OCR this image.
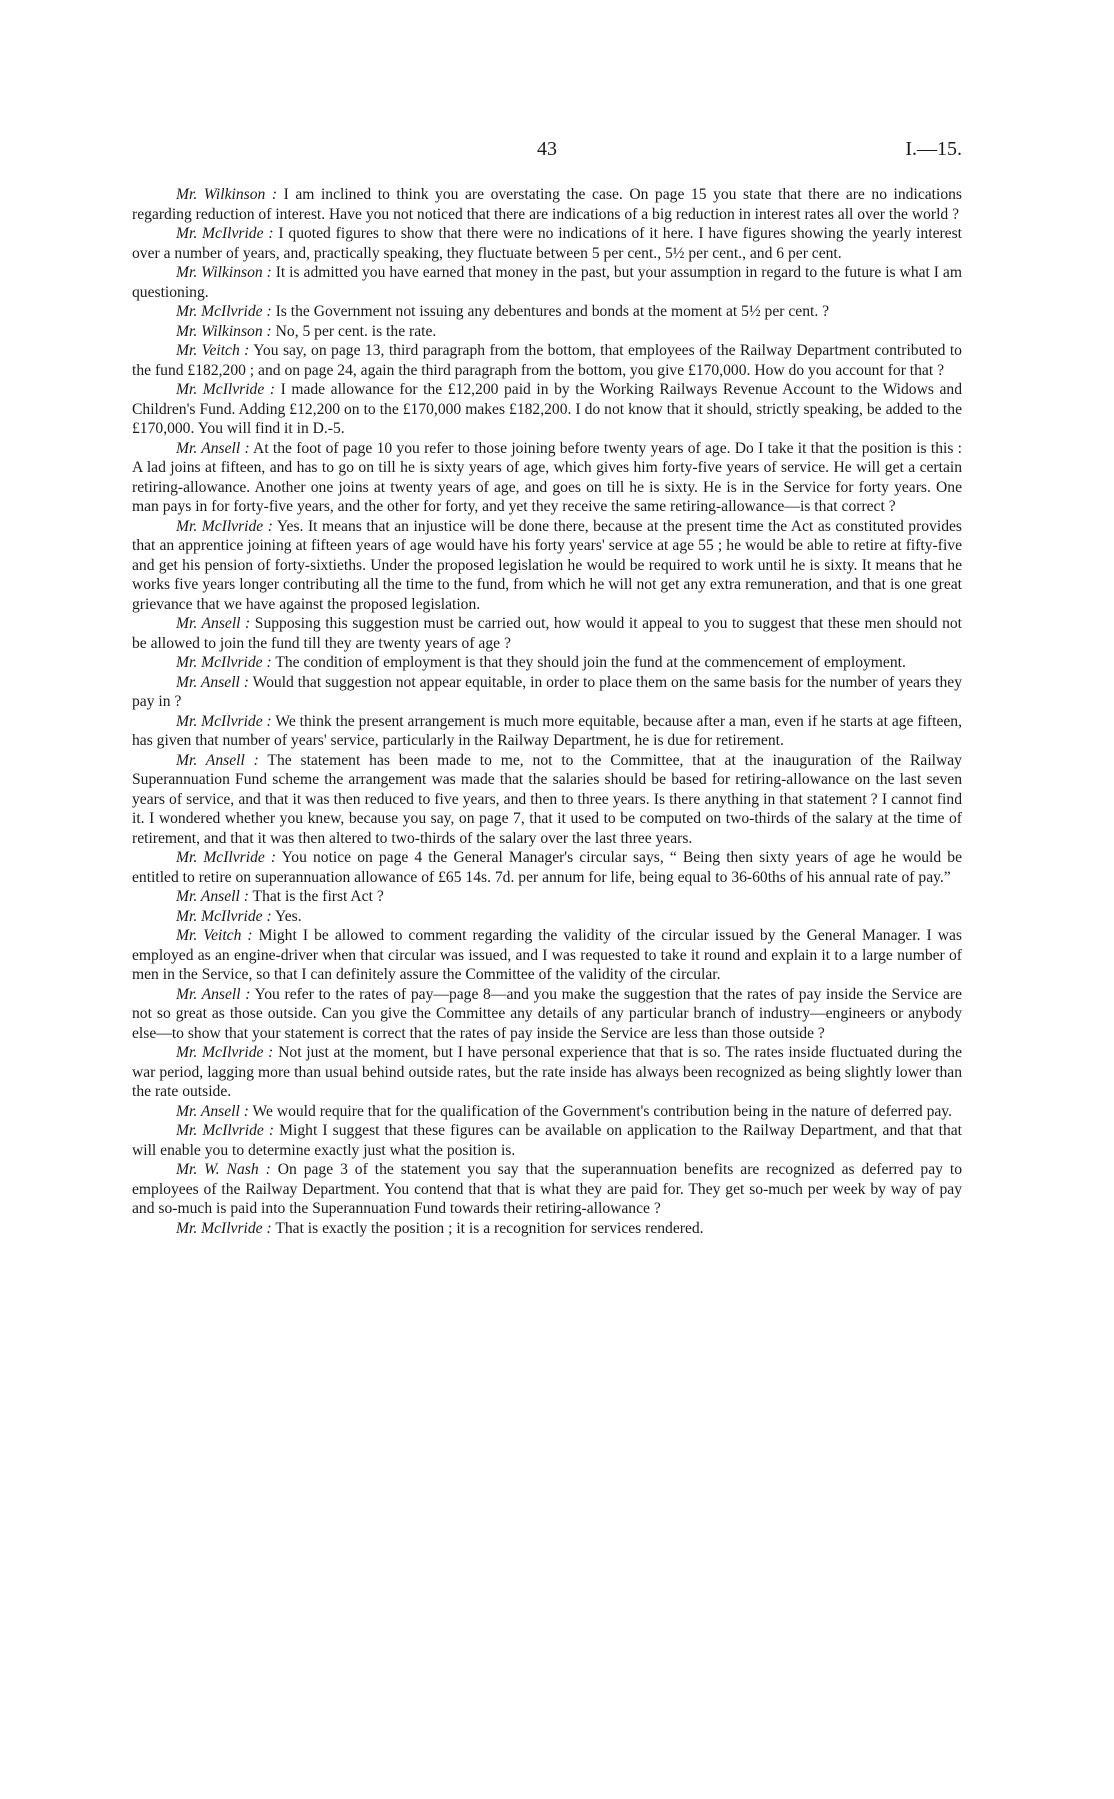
43	I.—15.

Mr. Wilkinson : I am inclined to think you are overstating the case. On page 15 you state that there are no indications regarding reduction of interest. Have you not noticed that there are indications of a big reduction in interest rates all over the world ?

Mr. McIlvride : I quoted figures to show that there were no indications of it here. I have figures showing the yearly interest over a number of years, and, practically speaking, they fluctuate between 5 per cent., 5½ per cent., and 6 per cent.

Mr. Wilkinson : It is admitted you have earned that money in the past, but your assumption in regard to the future is what I am questioning.

Mr. McIlvride : Is the Government not issuing any debentures and bonds at the moment at 5½ per cent. ?

Mr. Wilkinson : No, 5 per cent. is the rate.

Mr. Veitch : You say, on page 13, third paragraph from the bottom, that employees of the Railway Department contributed to the fund £182,200 ; and on page 24, again the third paragraph from the bottom, you give £170,000. How do you account for that ?

Mr. McIlvride : I made allowance for the £12,200 paid in by the Working Railways Revenue Account to the Widows and Children's Fund. Adding £12,200 on to the £170,000 makes £182,200. I do not know that it should, strictly speaking, be added to the £170,000. You will find it in D.-5.

Mr. Ansell : At the foot of page 10 you refer to those joining before twenty years of age. Do I take it that the position is this : A lad joins at fifteen, and has to go on till he is sixty years of age, which gives him forty-five years of service. He will get a certain retiring-allowance. Another one joins at twenty years of age, and goes on till he is sixty. He is in the Service for forty years. One man pays in for forty-five years, and the other for forty, and yet they receive the same retiring-allowance—is that correct ?

Mr. McIlvride : Yes. It means that an injustice will be done there, because at the present time the Act as constituted provides that an apprentice joining at fifteen years of age would have his forty years' service at age 55 ; he would be able to retire at fifty-five and get his pension of forty-sixtieths. Under the proposed legislation he would be required to work until he is sixty. It means that he works five years longer contributing all the time to the fund, from which he will not get any extra remuneration, and that is one great grievance that we have against the proposed legislation.

Mr. Ansell : Supposing this suggestion must be carried out, how would it appeal to you to suggest that these men should not be allowed to join the fund till they are twenty years of age ?

Mr. McIlvride : The condition of employment is that they should join the fund at the commencement of employment.

Mr. Ansell : Would that suggestion not appear equitable, in order to place them on the same basis for the number of years they pay in ?

Mr. McIlvride : We think the present arrangement is much more equitable, because after a man, even if he starts at age fifteen, has given that number of years' service, particularly in the Railway Department, he is due for retirement.

Mr. Ansell : The statement has been made to me, not to the Committee, that at the inauguration of the Railway Superannuation Fund scheme the arrangement was made that the salaries should be based for retiring-allowance on the last seven years of service, and that it was then reduced to five years, and then to three years. Is there anything in that statement ? I cannot find it. I wondered whether you knew, because you say, on page 7, that it used to be computed on two-thirds of the salary at the time of retirement, and that it was then altered to two-thirds of the salary over the last three years.

Mr. McIlvride : You notice on page 4 the General Manager's circular says, “ Being then sixty years of age he would be entitled to retire on superannuation allowance of £65 14s. 7d. per annum for life, being equal to 36-60ths of his annual rate of pay.”

Mr. Ansell : That is the first Act ?

Mr. McIlvride : Yes.

Mr. Veitch : Might I be allowed to comment regarding the validity of the circular issued by the General Manager. I was employed as an engine-driver when that circular was issued, and I was requested to take it round and explain it to a large number of men in the Service, so that I can definitely assure the Committee of the validity of the circular.

Mr. Ansell : You refer to the rates of pay—page 8—and you make the suggestion that the rates of pay inside the Service are not so great as those outside. Can you give the Committee any details of any particular branch of industry—engineers or anybody else—to show that your statement is correct that the rates of pay inside the Service are less than those outside ?

Mr. McIlvride : Not just at the moment, but I have personal experience that that is so. The rates inside fluctuated during the war period, lagging more than usual behind outside rates, but the rate inside has always been recognized as being slightly lower than the rate outside.

Mr. Ansell : We would require that for the qualification of the Government's contribution being in the nature of deferred pay.

Mr. McIlvride : Might I suggest that these figures can be available on application to the Railway Department, and that that will enable you to determine exactly just what the position is.

Mr. W. Nash : On page 3 of the statement you say that the superannuation benefits are recognized as deferred pay to employees of the Railway Department. You contend that that is what they are paid for. They get so-much per week by way of pay and so-much is paid into the Superannuation Fund towards their retiring-allowance ?

Mr. McIlvride : That is exactly the position ; it is a recognition for services rendered.
